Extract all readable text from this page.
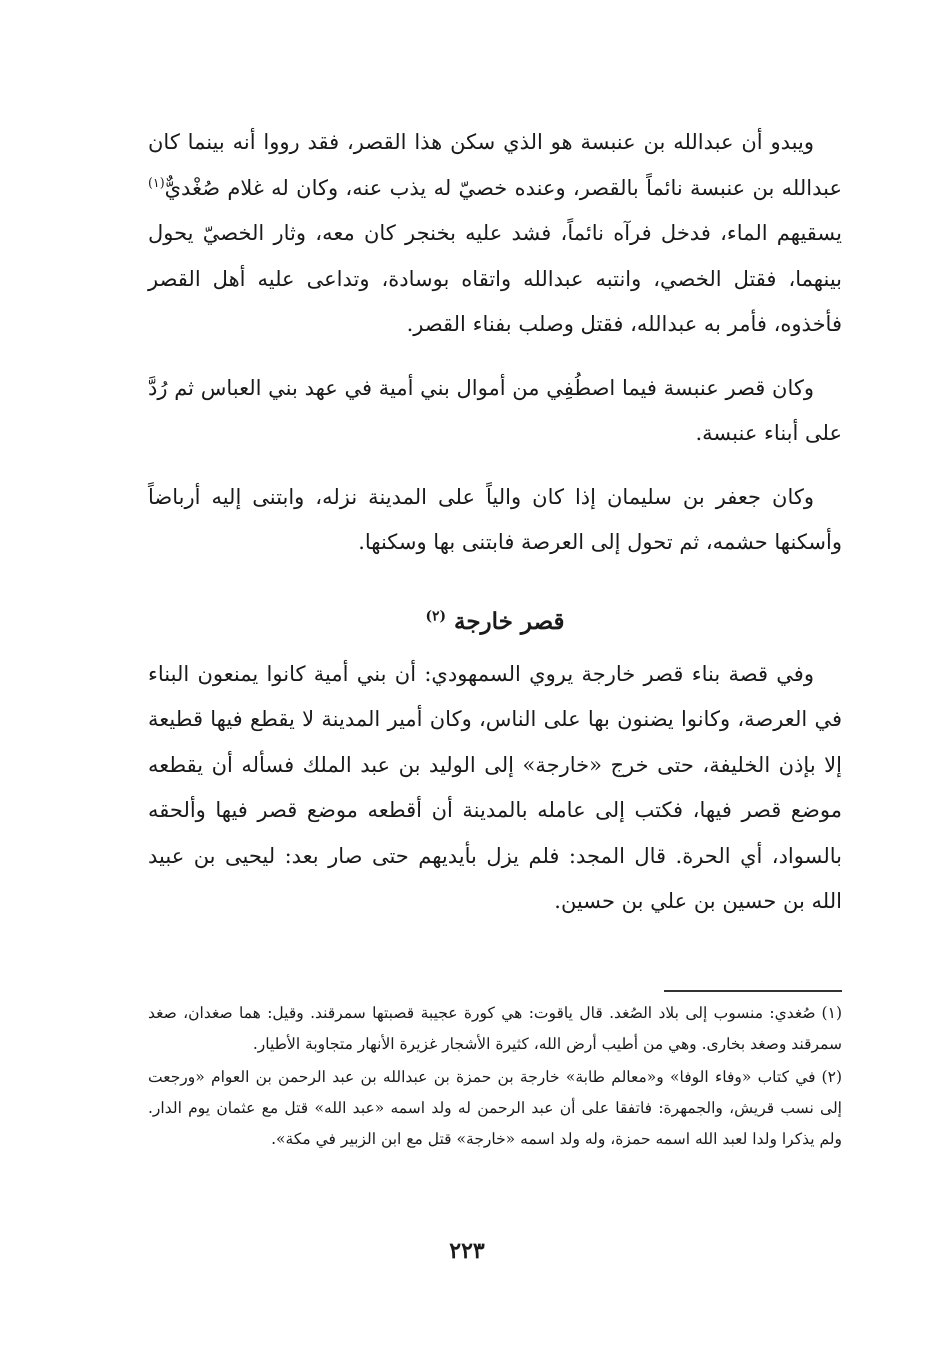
ويبدو أن عبدالله بن عنبسة هو الذي سكن هذا القصر، فقد رووا أنه بينما كان عبدالله بن عنبسة نائماً بالقصر، وعنده خصيّ له يذب عنه، وكان له غلام صُغْديٌّ$^{(١)}$ يسقيهم الماء، فدخل فرآه نائماً، فشد عليه بخنجر كان معه، وثار الخصيّ يحول بينهما، فقتل الخصي، وانتبه عبدالله واتقاه بوسادة، وتداعى عليه أهل القصر فأخذوه، فأمر به عبدالله، فقتل وصلب بفناء القصر.

وكان قصر عنبسة فيما اصطُفِي من أموال بني أمية في عهد بني العباس ثم رُدَّ على أبناء عنبسة.

وكان جعفر بن سليمان إذا كان والياً على المدينة نزله، وابتنى إليه أرباضاً وأسكنها حشمه، ثم تحول إلى العرصة فابتنى بها وسكنها.

قصر خارجة $^{(٢)}$

وفي قصة بناء قصر خارجة يروي السمهودي: أن بني أمية كانوا يمنعون البناء في العرصة، وكانوا يضنون بها على الناس، وكان أمير المدينة لا يقطع فيها قطيعة إلا بإذن الخليفة، حتى خرج «خارجة» إلى الوليد بن عبد الملك فسأله أن يقطعه موضع قصر فيها، فكتب إلى عامله بالمدينة أن أقطعه موضع قصر فيها وألحقه بالسواد، أي الحرة. قال المجد: فلم يزل بأيديهم حتى صار بعد: ليحيى بن عبيد الله بن حسين بن علي بن حسين.

(١)صُغدي: منسوب إلى بلاد الصُغد. قال ياقوت: هي كورة عجيبة قصبتها سمرقند. وقيل: هما صغدان، صغد سمرقند وصغد بخارى. وهي من أطيب أرض الله، كثيرة الأشجار غزيرة الأنهار متجاوبة الأطيار.

(٢)في كتاب «وفاء الوفا» و«معالم طابة» خارجة بن حمزة بن عبدالله بن عبد الرحمن بن العوام «ورجعت إلى نسب قريش، والجمهرة: فاتفقا على أن عبد الرحمن له ولد اسمه «عبد الله» قتل مع عثمان يوم الدار. ولم يذكرا ولدا لعبد الله اسمه حمزة، وله ولد اسمه «خارجة» قتل مع ابن الزبير في مكة».

٢٢٣
